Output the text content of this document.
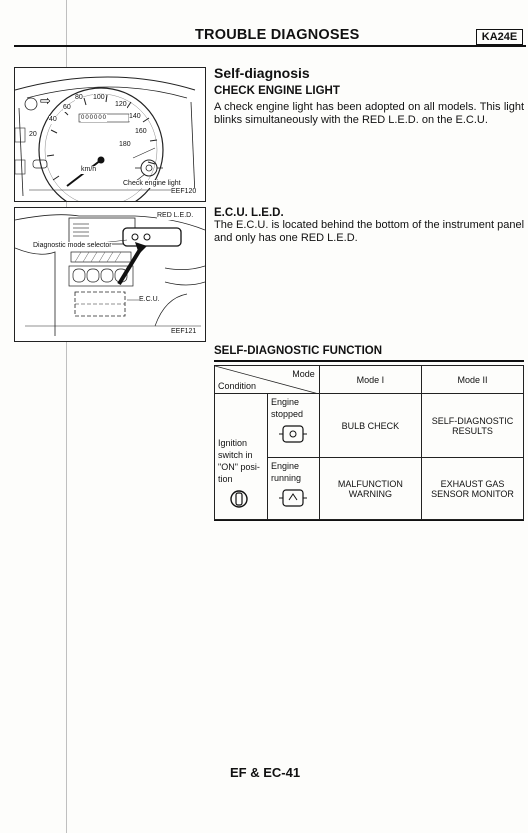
TROUBLE DIAGNOSES	KA24E
⇨	80 100
120
60
140
40
160
20
180
000000
km/h
Check engine light
EEF120
RED L.E.D.
Diagnostic mode selector
E.C.U.
EEF121
Self-diagnosis
CHECK ENGINE LIGHT
A check engine light has been adopted on all models. This light blinks simultaneously with the RED L.E.D. on the E.C.U.
E.C.U. L.E.D.
The E.C.U. is located behind the bottom of the instrument panel and only has one RED L.E.D.
SELF-DIAGNOSTIC FUNCTION
Mode
Condition		Mode I	Mode II

Ignition switch in "ON" posi- tion	Engine stopped	BULB CHECK	SELF-DIAGNOSTIC RESULTS

	Engine running	MALFUNCTION WARNING	EXHAUST GAS SENSOR MONITOR
EF & EC-41
